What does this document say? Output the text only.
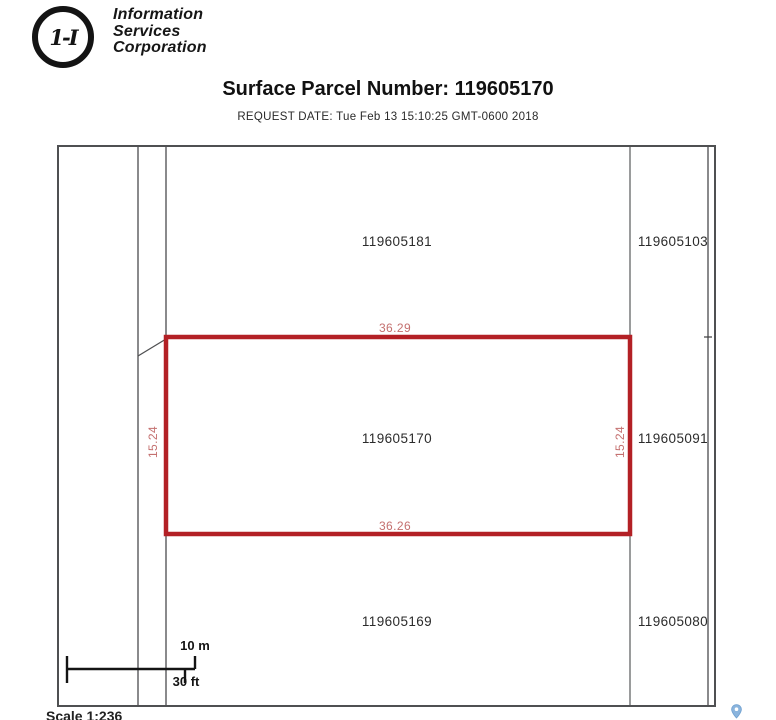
1-I
Information
Services
Corporation
Surface Parcel Number: 119605170
REQUEST DATE: Tue Feb 13 15:10:25 GMT-0600 2018
119605181	119605103
119605170	119605091
119605169	119605080
36.29
36.26
15.24	15.24
10 m
30 ft
Scale 1:236
